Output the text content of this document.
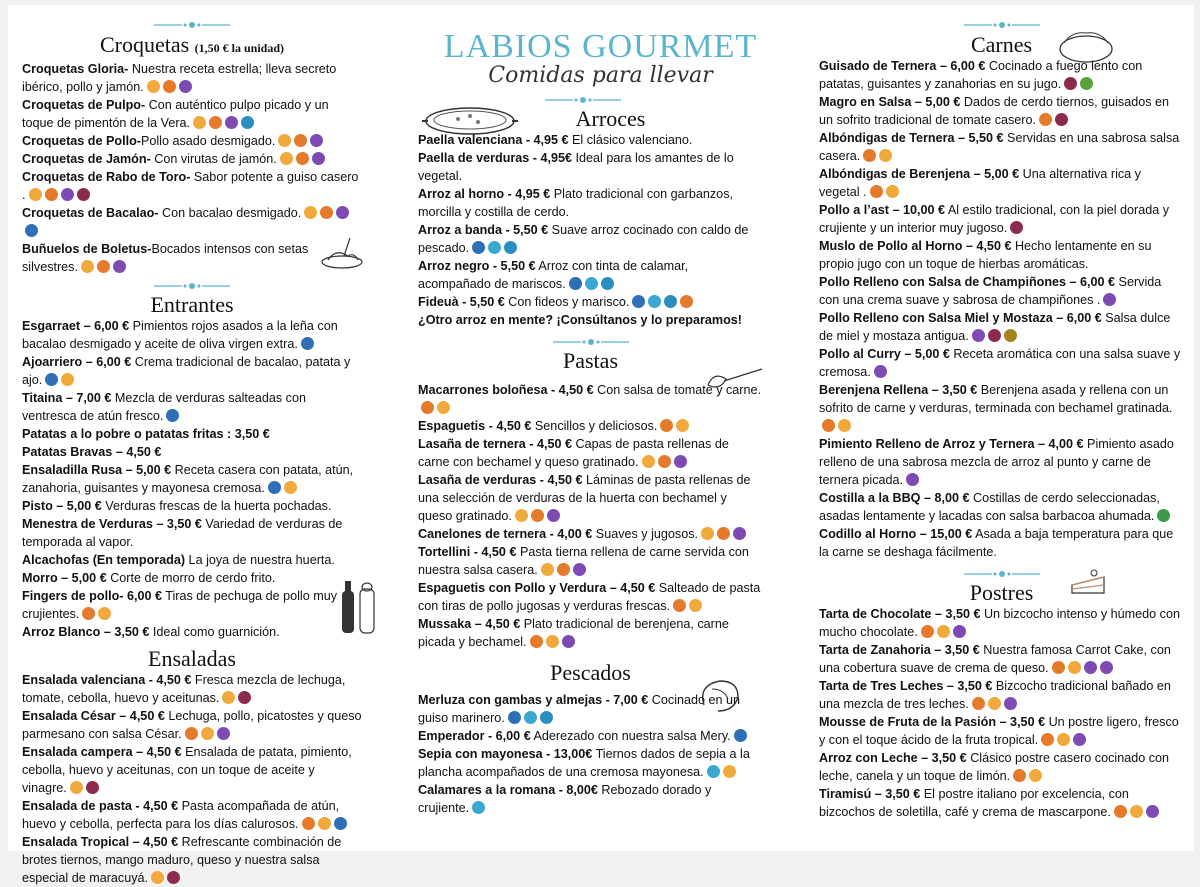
Croquetas (1,50 € la unidad)

Croquetas Gloria- Nuestra receta estrella; lleva secreto ibérico, pollo y jamón.

Croquetas de Pulpo- Con auténtico pulpo picado y un toque de pimentón de la Vera.

Croquetas de Pollo-Pollo asado desmigado.

Croquetas de Jamón- Con virutas de jamón.

Croquetas de Rabo de Toro- Sabor potente a guiso casero .

Croquetas de Bacalao- Con bacalao desmigado.

Buñuelos de Boletus-Bocados intensos con setas silvestres.

Entrantes

Esgarraet – 6,00 € Pimientos rojos asados a la leña con bacalao desmigado y aceite de oliva virgen extra.

Ajoarriero – 6,00 € Crema tradicional de bacalao, patata y ajo.

Titaina – 7,00 € Mezcla de verduras salteadas con ventresca de atún fresco.

Patatas a lo pobre o patatas fritas : 3,50 €

Patatas Bravas – 4,50 €

Ensaladilla Rusa – 5,00 € Receta casera con patata, atún, zanahoria, guisantes y mayonesa cremosa.

Pisto – 5,00 € Verduras frescas de la huerta pochadas.

Menestra de Verduras – 3,50 € Variedad de verduras de temporada al vapor.

Alcachofas (En temporada) La joya de nuestra huerta.

Morro – 5,00 € Corte de morro de cerdo frito.

Fingers de pollo- 6,00 € Tiras de pechuga de pollo muy crujientes.

Arroz Blanco – 3,50 € Ideal como guarnición.

Ensaladas

Ensalada valenciana - 4,50 € Fresca mezcla de lechuga, tomate, cebolla, huevo y aceitunas.

Ensalada César – 4,50 € Lechuga, pollo, picatostes y queso parmesano con salsa César.

Ensalada campera – 4,50 € Ensalada de patata, pimiento, cebolla, huevo y aceitunas, con un toque de aceite y vinagre.

Ensalada de pasta - 4,50 € Pasta acompañada de atún, huevo y cebolla, perfecta para los días calurosos.

Ensalada Tropical – 4,50 € Refrescante combinación de brotes tiernos, mango maduro, queso y nuestra salsa especial de maracuyá.

LABIOS GOURMET
Comidas para llevar
Arroces

Paella valenciana - 4,95 € El clásico valenciano.

Paella de verduras - 4,95€ Ideal para los amantes de lo vegetal.

Arroz al horno - 4,95 € Plato tradicional con garbanzos, morcilla y costilla de cerdo.

Arroz a banda - 5,50 € Suave arroz cocinado con caldo de pescado.

Arroz negro - 5,50 € Arroz con tinta de calamar, acompañado de mariscos.

Fideuà - 5,50 € Con fideos y marisco.

¿Otro arroz en mente? ¡Consúltanos y lo preparamos!

Pastas

Macarrones boloñesa - 4,50 € Con salsa de tomate y carne.

Espaguetis - 4,50 € Sencillos y deliciosos.

Lasaña de ternera - 4,50 € Capas de pasta rellenas de carne con bechamel y queso gratinado.

Lasaña de verduras - 4,50 € Láminas de pasta rellenas de una selección de verduras de la huerta con bechamel y queso gratinado.

Canelones de ternera - 4,00 € Suaves y jugosos.

Tortellini - 4,50 € Pasta tierna rellena de carne servida con nuestra salsa casera.

Espaguetis con Pollo y Verdura – 4,50 € Salteado de pasta con tiras de pollo jugosas y verduras frescas.

Mussaka – 4,50 € Plato tradicional de berenjena, carne picada y bechamel.

Pescados

Merluza con gambas y almejas - 7,00 € Cocinado en un guiso marinero.

Emperador - 6,00 € Aderezado con nuestra salsa Mery.

Sepia con mayonesa - 13,00€ Tiernos dados de sepia a la plancha acompañados de una cremosa mayonesa.

Calamares a la romana - 8,00€ Rebozado dorado y crujiente.

Carnes

Guisado de Ternera – 6,00 € Cocinado a fuego lento con patatas, guisantes y zanahorias en su jugo.

Magro en Salsa – 5,00 € Dados de cerdo tiernos, guisados en un sofrito tradicional de tomate casero.

Albóndigas de Ternera – 5,50 € Servidas en una sabrosa salsa casera.

Albóndigas de Berenjena – 5,00 € Una alternativa rica y vegetal .

Pollo a l’ast – 10,00 € Al estilo tradicional, con la piel dorada y crujiente y un interior muy jugoso.

Muslo de Pollo al Horno – 4,50 € Hecho lentamente en su propio jugo con un toque de hierbas aromáticas.

Pollo Relleno con Salsa de Champiñones – 6,00 € Servida con una crema suave y sabrosa de champiñones .

Pollo Relleno con Salsa Miel y Mostaza – 6,00 € Salsa dulce de miel y mostaza antigua.

Pollo al Curry – 5,00 € Receta aromática con una salsa suave y cremosa.

Berenjena Rellena – 3,50 € Berenjena asada y rellena con un sofrito de carne y verduras, terminada con bechamel gratinada.

Pimiento Relleno de Arroz y Ternera – 4,00 € Pimiento asado relleno de una sabrosa mezcla de arroz al punto y carne de ternera picada.

Costilla a la BBQ – 8,00 € Costillas de cerdo seleccionadas, asadas lentamente y lacadas con salsa barbacoa ahumada.

Codillo al Horno – 15,00 € Asada a baja temperatura para que la carne se deshaga fácilmente.

Postres

Tarta de Chocolate – 3,50 € Un bizcocho intenso y húmedo con mucho chocolate.

Tarta de Zanahoria – 3,50 € Nuestra famosa Carrot Cake, con una cobertura suave de crema de queso.

Tarta de Tres Leches – 3,50 € Bizcocho tradicional bañado en una mezcla de tres leches.

Mousse de Fruta de la Pasión – 3,50 € Un postre ligero, fresco y con el toque ácido de la fruta tropical.

Arroz con Leche – 3,50 € Clásico postre casero cocinado con leche, canela y un toque de limón.

Tiramisú – 3,50 € El postre italiano por excelencia, con bizcochos de soletilla, café y crema de mascarpone.
